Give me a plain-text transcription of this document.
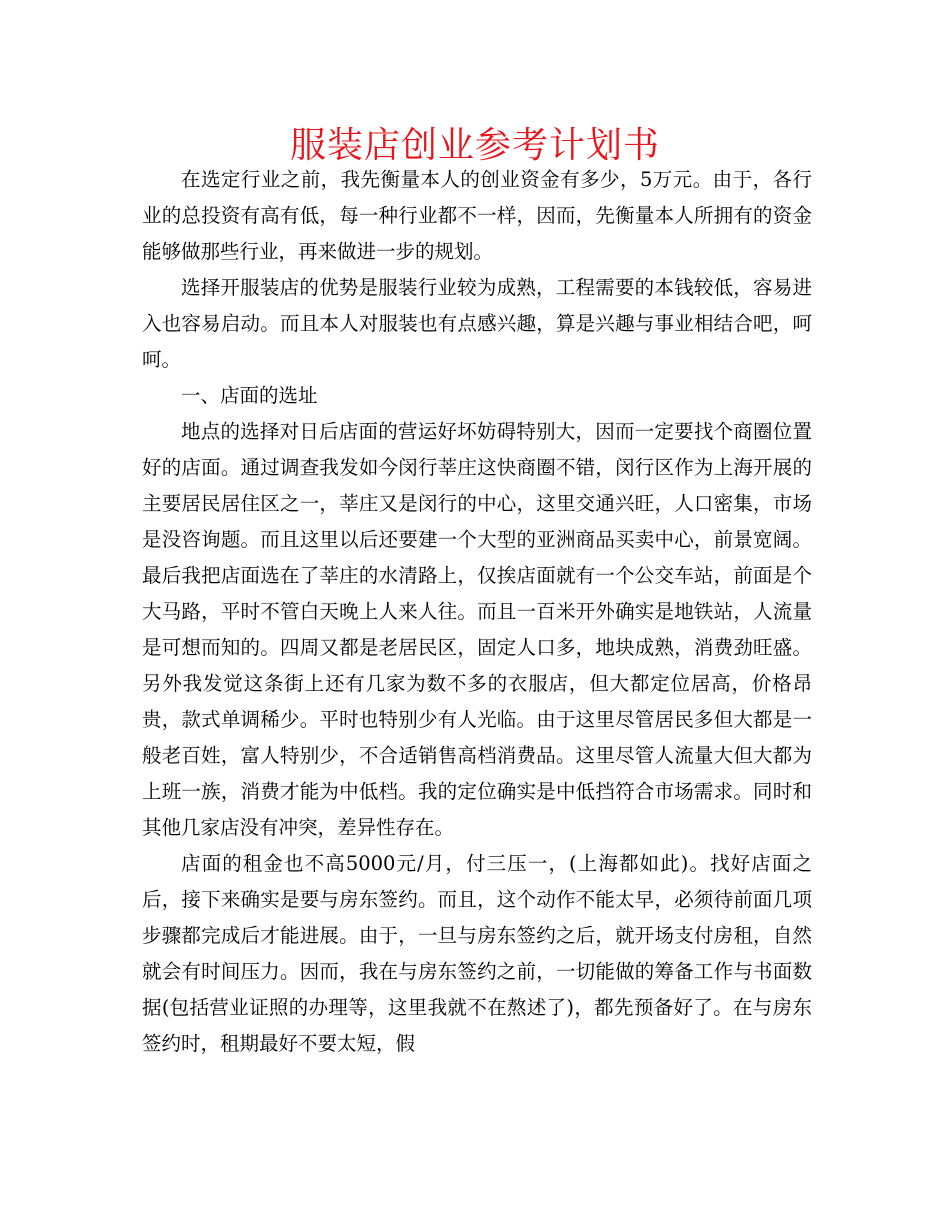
服装店创业参考计划书

在选定行业之前，我先衡量本人的创业资金有多少，5万元。由于，各行业的总投资有高有低，每一种行业都不一样，因而，先衡量本人所拥有的资金能够做那些行业，再来做进一步的规划。

选择开服装店的优势是服装行业较为成熟，工程需要的本钱较低，容易进入也容易启动。而且本人对服装也有点感兴趣，算是兴趣与事业相结合吧，呵呵。

一、店面的选址

地点的选择对日后店面的营运好坏妨碍特别大，因而一定要找个商圈位置好的店面。通过调查我发如今闵行莘庄这快商圈不错，闵行区作为上海开展的主要居民居住区之一，莘庄又是闵行的中心，这里交通兴旺，人口密集，市场是没咨询题。而且这里以后还要建一个大型的亚洲商品买卖中心，前景宽阔。最后我把店面选在了莘庄的水清路上，仅挨店面就有一个公交车站，前面是个大马路，平时不管白天晚上人来人往。而且一百米开外确实是地铁站，人流量是可想而知的。四周又都是老居民区，固定人口多，地块成熟，消费劲旺盛。另外我发觉这条街上还有几家为数不多的衣服店，但大都定位居高，价格昂贵，款式单调稀少。平时也特别少有人光临。由于这里尽管居民多但大都是一般老百姓，富人特别少，不合适销售高档消费品。这里尽管人流量大但大都为上班一族，消费才能为中低档。我的定位确实是中低挡符合市场需求。同时和其他几家店没有冲突，差异性存在。

店面的租金也不高5000元/月，付三压一，(上海都如此)。找好店面之后，接下来确实是要与房东签约。而且，这个动作不能太早，必须待前面几项步骤都完成后才能进展。由于，一旦与房东签约之后，就开场支付房租，自然就会有时间压力。因而，我在与房东签约之前，一切能做的筹备工作与书面数据(包括营业证照的办理等，这里我就不在熬述了)，都先预备好了。在与房东签约时，租期最好不要太短，假
